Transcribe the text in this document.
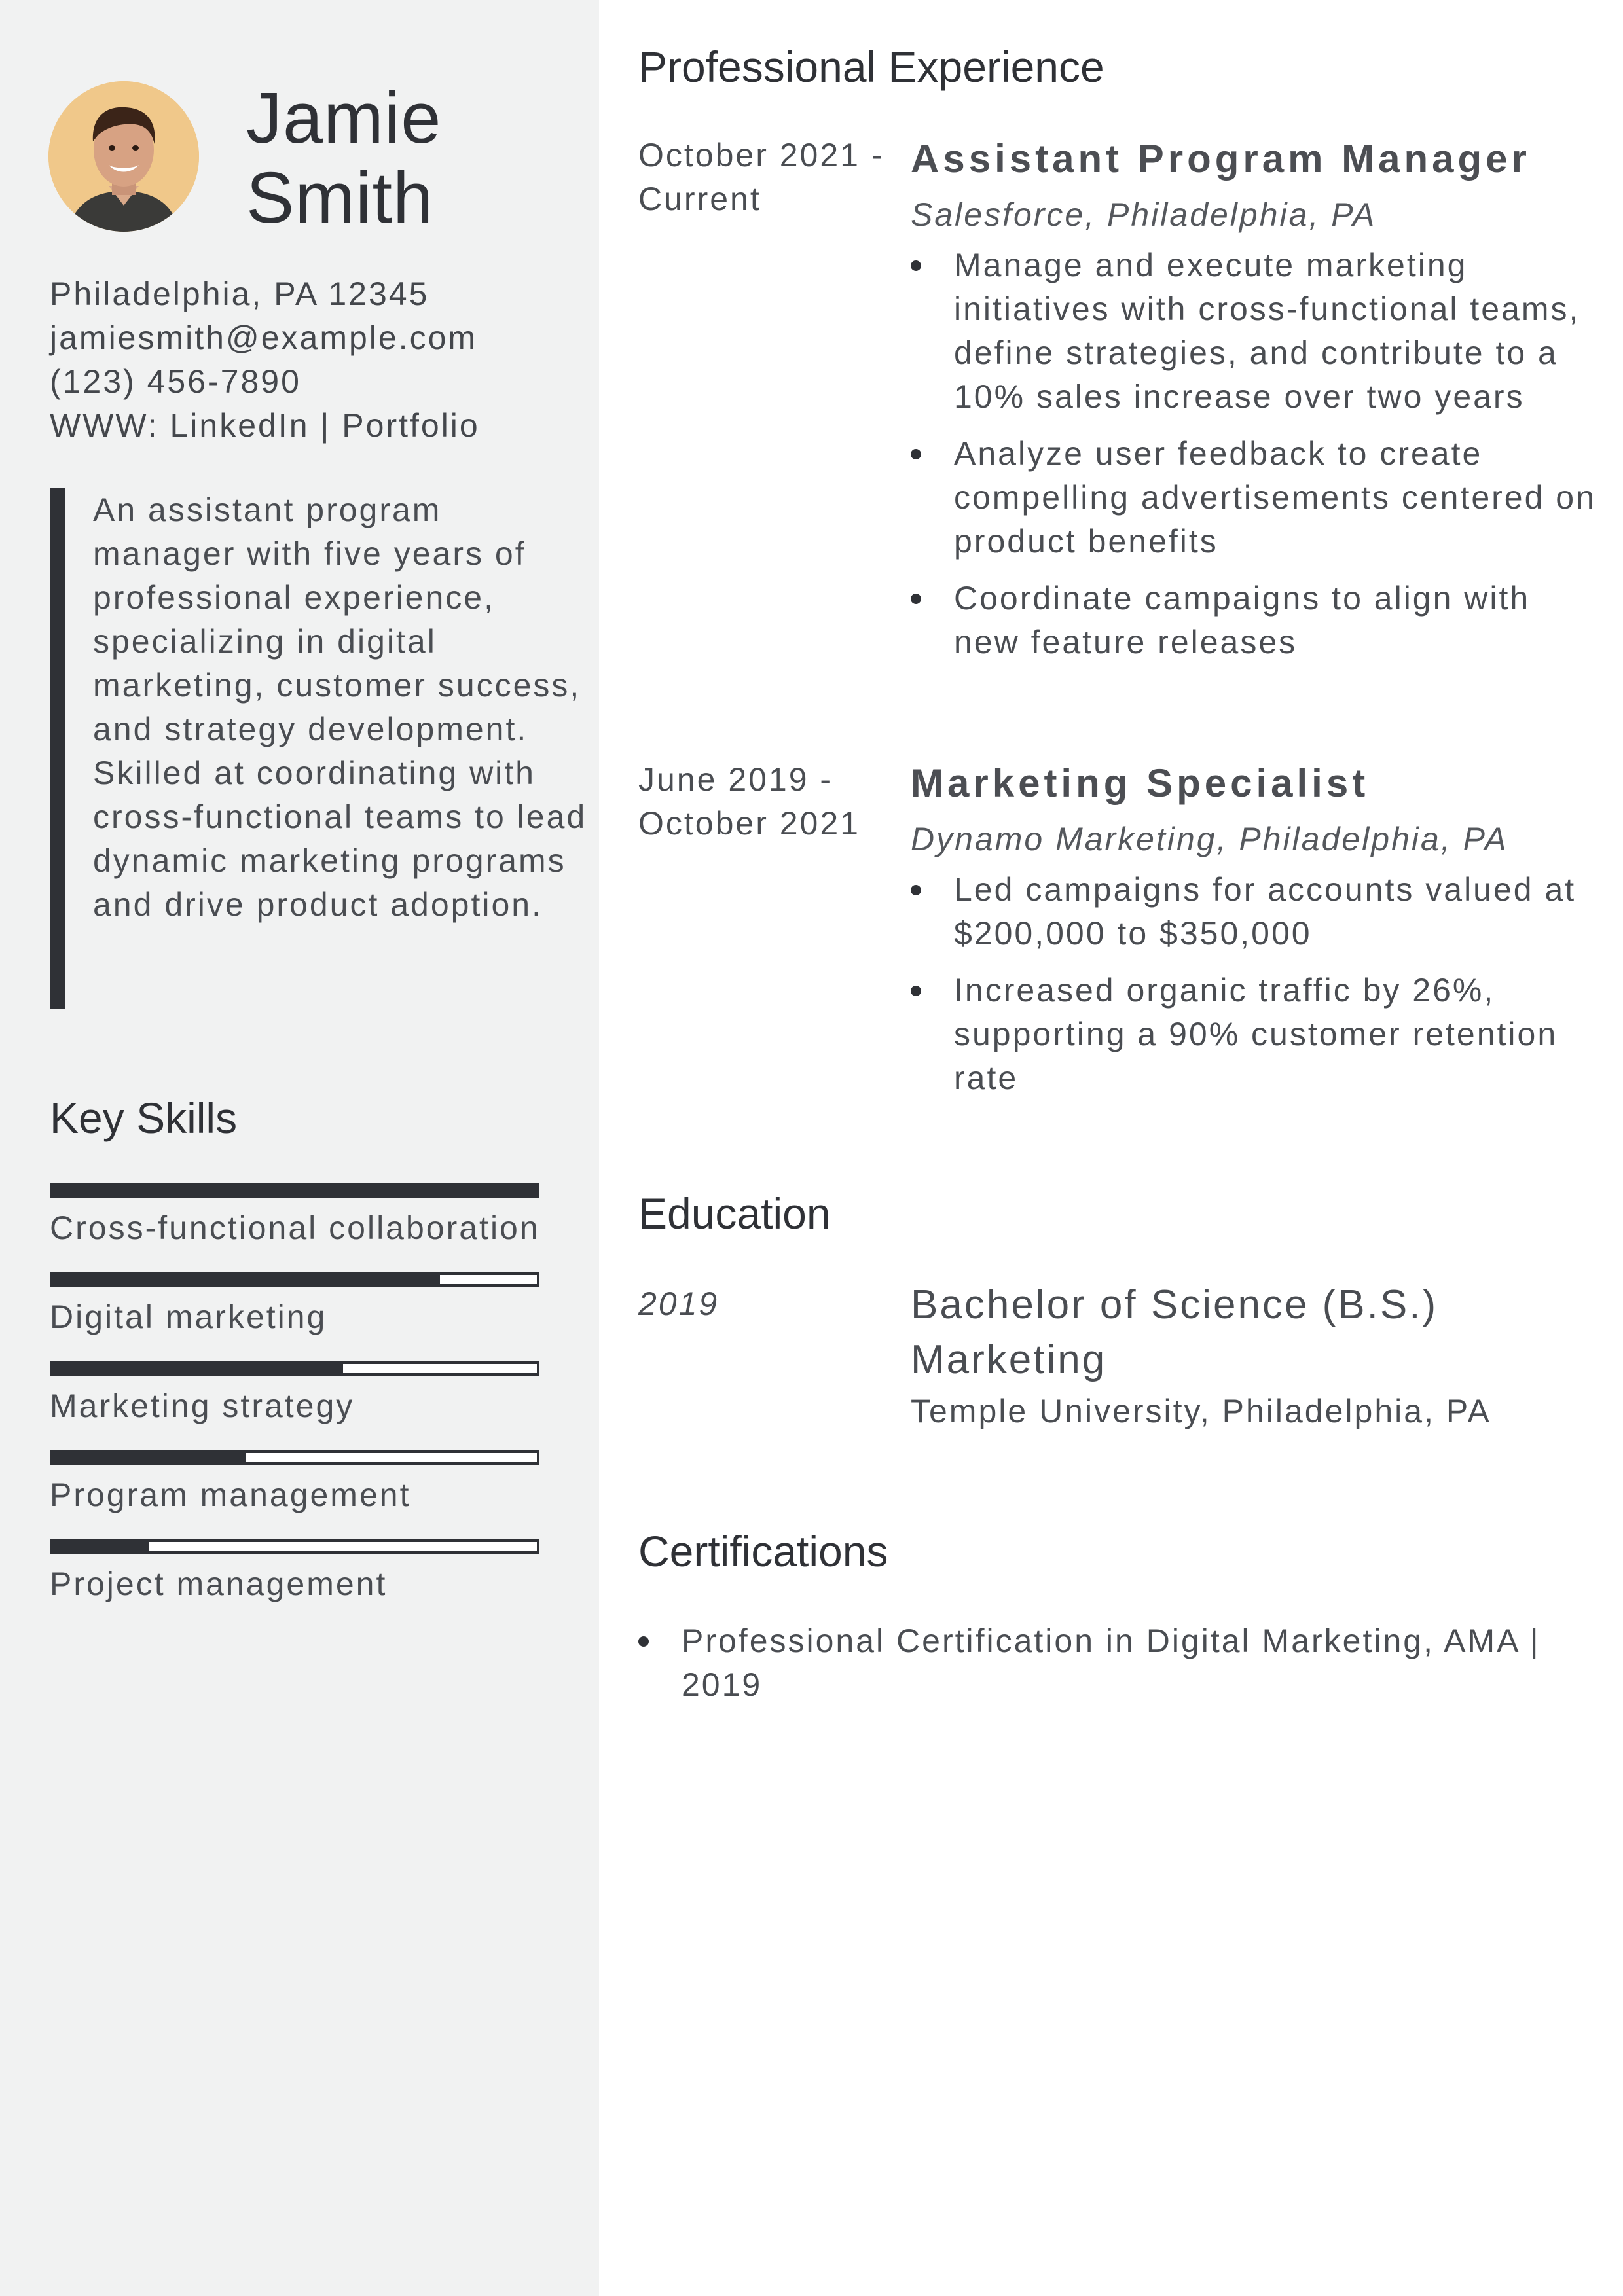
Jamie
Smith
Philadelphia, PA 12345
jamiesmith@example.com
(123) 456-7890
WWW: LinkedIn | Portfolio
An assistant program manager with five years of professional experience, specializing in digital marketing, customer success, and strategy development. Skilled at coordinating with cross-functional teams to lead dynamic marketing programs and drive product adoption.
Key Skills
Cross-functional collaboration
Digital marketing
Marketing strategy
Program management
Project management
Professional Experience
October 2021 - Current
Assistant Program Manager
Salesforce, Philadelphia, PA
Manage and execute marketing initiatives with cross-functional teams, define strategies, and contribute to a 10% sales increase over two years
Analyze user feedback to create compelling advertisements centered on product benefits
Coordinate campaigns to align with new feature releases
June 2019 - October 2021
Marketing Specialist
Dynamo Marketing, Philadelphia, PA
Led campaigns for accounts valued at $200,000 to $350,000
Increased organic traffic by 26%, supporting a 90% customer retention rate
Education
2019	Bachelor of Science (B.S.) Marketing
Temple University, Philadelphia, PA
Certifications
Professional Certification in Digital Marketing, AMA | 2019
